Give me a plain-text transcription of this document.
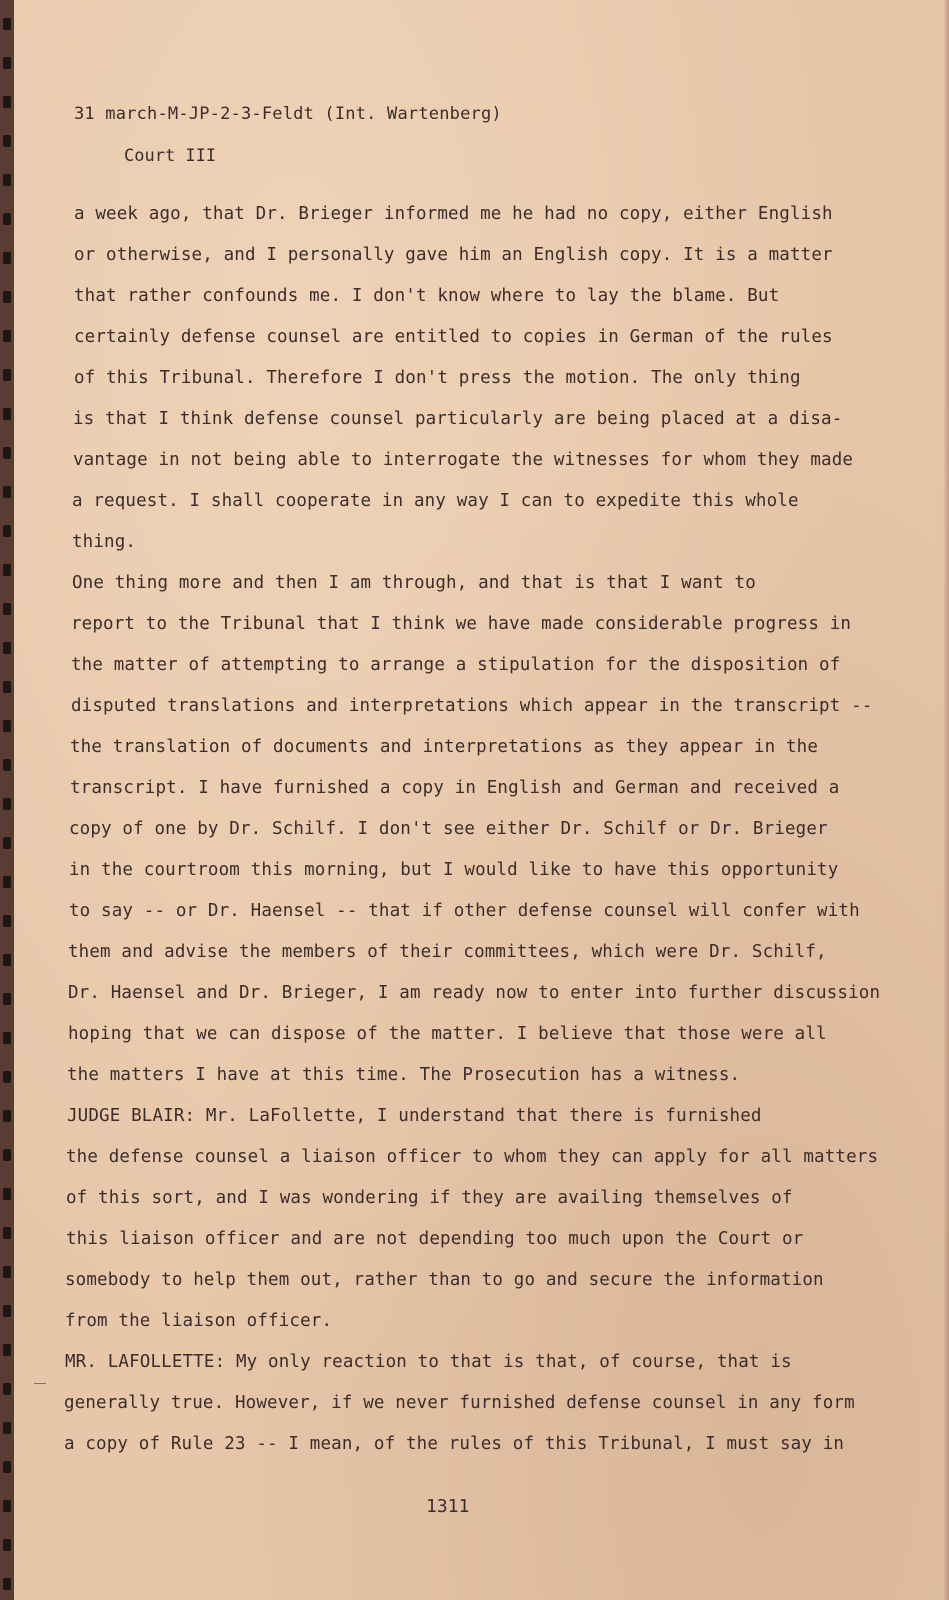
31 march-M-JP-2-3-Feldt (Int. Wartenberg)
Court III
a week ago, that Dr. Brieger informed me he had no copy, either English
or otherwise, and I personally gave him an English copy. It is a matter
that rather confounds me. I don't know where to lay the blame. But
certainly defense counsel are entitled to copies in German of the rules
of this Tribunal. Therefore I don't press the motion. The only thing
is that I think defense counsel particularly are being placed at a disa-
vantage in not being able to interrogate the witnesses for whom they made
a request. I shall cooperate in any way I can to expedite this whole
thing.
One thing more and then I am through, and that is that I want to
report to the Tribunal that I think we have made considerable progress in
the matter of attempting to arrange a stipulation for the disposition of
disputed translations and interpretations which appear in the transcript --
the translation of documents and interpretations as they appear in the
transcript. I have furnished a copy in English and German and received a
copy of one by Dr. Schilf. I don't see either Dr. Schilf or Dr. Brieger
in the courtroom this morning, but I would like to have this opportunity
to say -- or Dr. Haensel -- that if other defense counsel will confer with
them and advise the members of their committees, which were Dr. Schilf,
Dr. Haensel and Dr. Brieger, I am ready now to enter into further discussion
hoping that we can dispose of the matter. I believe that those were all
the matters I have at this time. The Prosecution has a witness.
JUDGE BLAIR: Mr. LaFollette, I understand that there is furnished
the defense counsel a liaison officer to whom they can apply for all matters
of this sort, and I was wondering if they are availing themselves of
this liaison officer and are not depending too much upon the Court or
somebody to help them out, rather than to go and secure the information
from the liaison officer.
MR. LAFOLLETTE: My only reaction to that is that, of course, that is
generally true. However, if we never furnished defense counsel in any form
a copy of Rule 23 -- I mean, of the rules of this Tribunal, I must say in
1311
